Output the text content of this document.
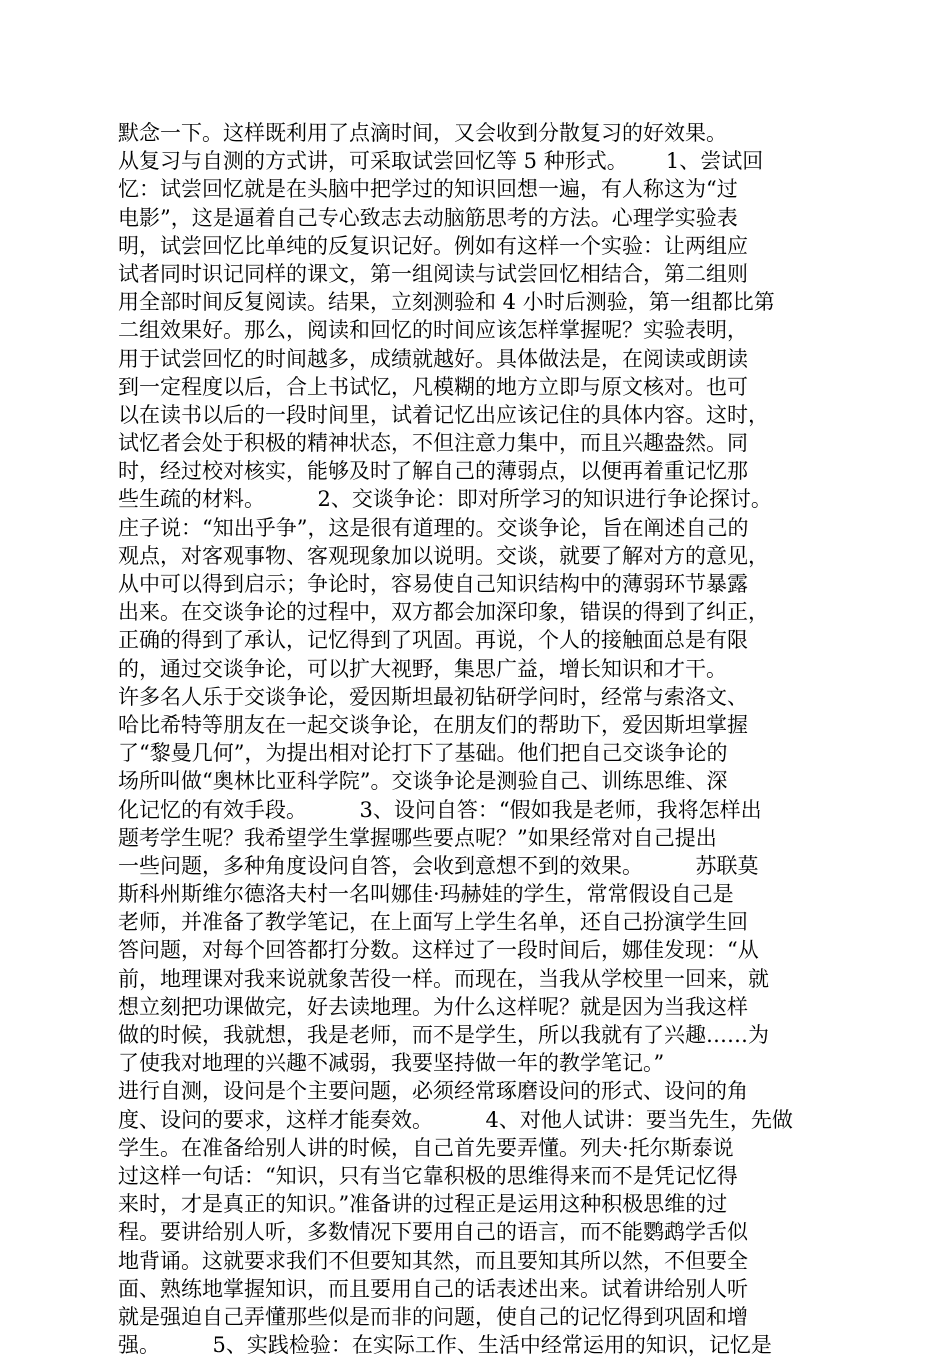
默念一下。这样既利用了点滴时间，又会收到分散复习的好效果。
从复习与自测的方式讲，可采取试尝回忆等 5 种形式。　　 1、尝试回
忆：试尝回忆就是在头脑中把学过的知识回想一遍，有人称这为“过
电影”，这是逼着自己专心致志去动脑筋思考的方法。心理学实验表
明，试尝回忆比单纯的反复识记好。例如有这样一个实验：让两组应
试者同时识记同样的课文，第一组阅读与试尝回忆相结合，第二组则
用全部时间反复阅读。结果，立刻测验和 4 小时后测验，第一组都比第
二组效果好。那么，阅读和回忆的时间应该怎样掌握呢？实验表明，
用于试尝回忆的时间越多，成绩就越好。具体做法是，在阅读或朗读
到一定程度以后，合上书试忆，凡模糊的地方立即与原文核对。也可
以在读书以后的一段时间里，试着记忆出应该记住的具体内容。这时，
试忆者会处于积极的精神状态，不但注意力集中，而且兴趣盎然。同
时，经过校对核实，能够及时了解自己的薄弱点，以便再着重记忆那
些生疏的材料。　　　2、交谈争论：即对所学习的知识进行争论探讨。
庄子说：“知出乎争”，这是很有道理的。交谈争论，旨在阐述自己的
观点，对客观事物、客观现象加以说明。交谈，就要了解对方的意见，
从中可以得到启示；争论时，容易使自己知识结构中的薄弱环节暴露
出来。在交谈争论的过程中，双方都会加深印象，错误的得到了纠正，
正确的得到了承认，记忆得到了巩固。再说，个人的接触面总是有限
的，通过交谈争论，可以扩大视野，集思广益，增长知识和才干。
许多名人乐于交谈争论，爱因斯坦最初钻研学问时，经常与索洛文、
哈比希特等朋友在一起交谈争论，在朋友们的帮助下，爱因斯坦掌握
了“黎曼几何”，为提出相对论打下了基础。他们把自己交谈争论的
场所叫做“奥林比亚科学院”。交谈争论是测验自己、训练思维、深
化记忆的有效手段。　　　3、设问自答：“假如我是老师，我将怎样出
题考学生呢？我希望学生掌握哪些要点呢？”如果经常对自己提出
一些问题，多种角度设问自答，会收到意想不到的效果。　　　苏联莫
斯科州斯维尔德洛夫村一名叫娜佳·玛赫娃的学生，常常假设自己是
老师，并准备了教学笔记，在上面写上学生名单，还自己扮演学生回
答问题，对每个回答都打分数。这样过了一段时间后，娜佳发现：“从
前，地理课对我来说就象苦役一样。而现在，当我从学校里一回来，就
想立刻把功课做完，好去读地理。为什么这样呢？就是因为当我这样
做的时候，我就想，我是老师，而不是学生，所以我就有了兴趣……为
了使我对地理的兴趣不减弱，我要坚持做一年的教学笔记。”
进行自测，设问是个主要问题，必须经常琢磨设问的形式、设问的角
度、设问的要求，这样才能奏效。　　　4、对他人试讲：要当先生，先做
学生。在准备给别人讲的时候，自己首先要弄懂。列夫·托尔斯泰说
过这样一句话：“知识，只有当它靠积极的思维得来而不是凭记忆得
来时，才是真正的知识。”准备讲的过程正是运用这种积极思维的过
程。要讲给别人听，多数情况下要用自己的语言，而不能鹦鹉学舌似
地背诵。这就要求我们不但要知其然，而且要知其所以然，不但要全
面、熟练地掌握知识，而且要用自己的话表述出来。试着讲给别人听
就是强迫自己弄懂那些似是而非的问题，使自己的记忆得到巩固和增
强。　　　5、实践检验：在实际工作、生活中经常运用的知识，记忆是
